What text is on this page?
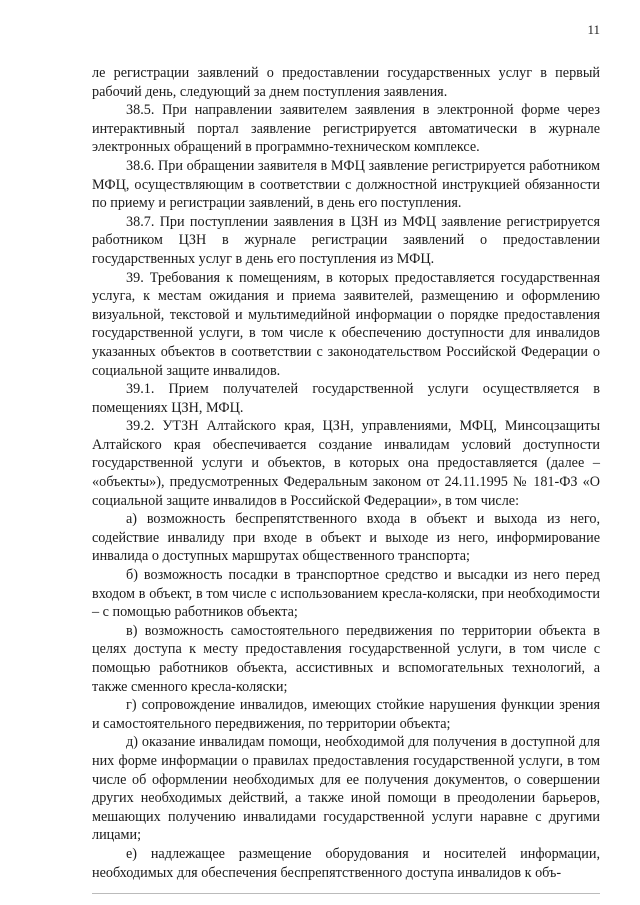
11

ле регистрации заявлений о предоставлении государственных услуг в первый рабочий день, следующий за днем поступления заявления.

38.5. При направлении заявителем заявления в электронной форме через интерактивный портал заявление регистрируется автоматически в журнале электронных обращений в программно-техническом комплексе.

38.6. При обращении заявителя в МФЦ заявление регистрируется работником МФЦ, осуществляющим в соответствии с должностной инструкцией обязанности по приему и регистрации заявлений, в день его поступления.

38.7. При поступлении заявления в ЦЗН из МФЦ заявление регистрируется работником ЦЗН в журнале регистрации заявлений о предоставлении государственных услуг в день его поступления из МФЦ.

39. Требования к помещениям, в которых предоставляется государственная услуга, к местам ожидания и приема заявителей, размещению и оформлению визуальной, текстовой и мультимедийной информации о порядке предоставления государственной услуги, в том числе к обеспечению доступности для инвалидов указанных объектов в соответствии с законодательством Российской Федерации о социальной защите инвалидов.

39.1. Прием получателей государственной услуги осуществляется в помещениях ЦЗН, МФЦ.

39.2. УТЗН Алтайского края, ЦЗН, управлениями, МФЦ, Минсоцзащиты Алтайского края обеспечивается создание инвалидам условий доступности государственной услуги и объектов, в которых она предоставляется (далее – «объекты»), предусмотренных Федеральным законом от 24.11.1995 № 181-ФЗ «О социальной защите инвалидов в Российской Федерации», в том числе:

а) возможность беспрепятственного входа в объект и выхода из него, содействие инвалиду при входе в объект и выходе из него, информирование инвалида о доступных маршрутах общественного транспорта;

б) возможность посадки в транспортное средство и высадки из него перед входом в объект, в том числе с использованием кресла-коляски, при необходимости – с помощью работников объекта;

в) возможность самостоятельного передвижения по территории объекта в целях доступа к месту предоставления государственной услуги, в том числе с помощью работников объекта, ассистивных и вспомогательных технологий, а также сменного кресла-коляски;

г) сопровождение инвалидов, имеющих стойкие нарушения функции зрения и самостоятельного передвижения, по территории объекта;

д) оказание инвалидам помощи, необходимой для получения в доступной для них форме информации о правилах предоставления государственной услуги, в том числе об оформлении необходимых для ее получения документов, о совершении других необходимых действий, а также иной помощи в преодолении барьеров, мешающих получению инвалидами государственной услуги наравне с другими лицами;

е) надлежащее размещение оборудования и носителей информации, необходимых для обеспечения беспрепятственного доступа инвалидов к объ-
